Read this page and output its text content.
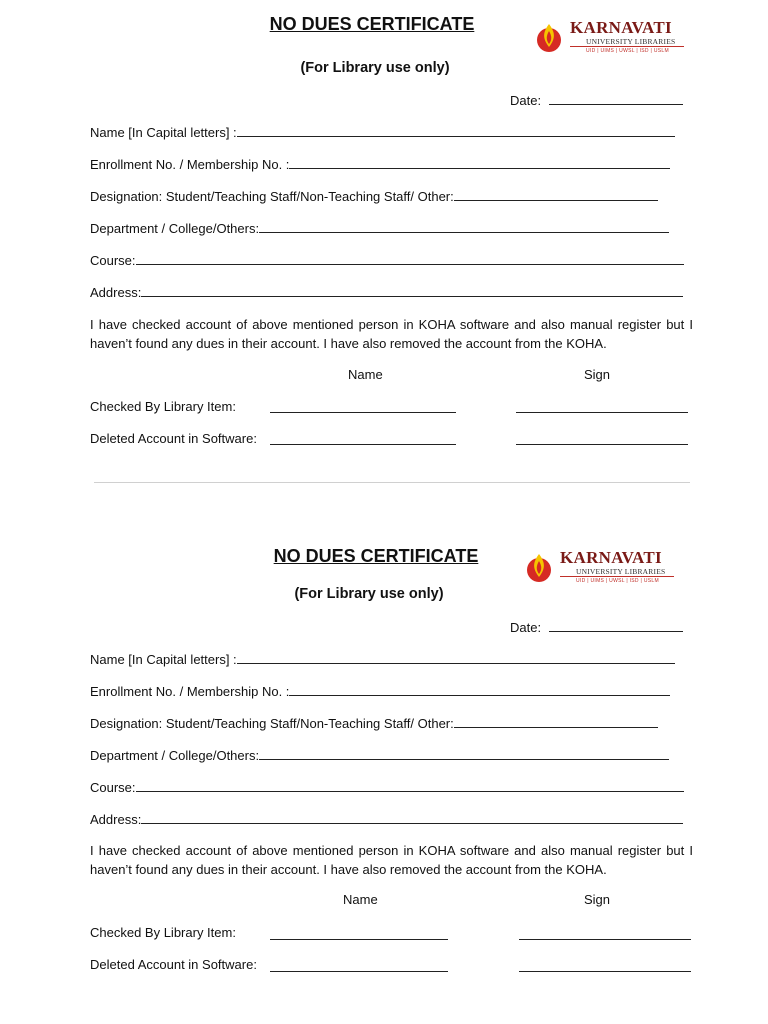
NO DUES CERTIFICATE
(For Library use only)
KARNAVATI
UNIVERSITY LIBRARIES
UID | UIMS | UWSL | ISD | USLM
Date:
Name [In Capital letters] :
Enrollment No. / Membership No. :
Designation: Student/Teaching Staff/Non-Teaching Staff/ Other:
Department / College/Others:
Course:
Address:
I have checked account of above mentioned person in KOHA software and also manual register but I haven’t found any dues in their account. I have also removed the account from the KOHA.
Name	Sign
Checked By Library Item:
Deleted Account in Software:
NO DUES CERTIFICATE
(For Library use only)
KARNAVATI
UNIVERSITY LIBRARIES
UID | UIMS | UWSL | ISD | USLM
Date:
Name [In Capital letters] :
Enrollment No. / Membership No. :
Designation: Student/Teaching Staff/Non-Teaching Staff/ Other:
Department / College/Others:
Course:
Address:
I have checked account of above mentioned person in KOHA software and also manual register but I haven’t found any dues in their account. I have also removed the account from the KOHA.
Name	Sign
Checked By Library Item:
Deleted Account in Software:
